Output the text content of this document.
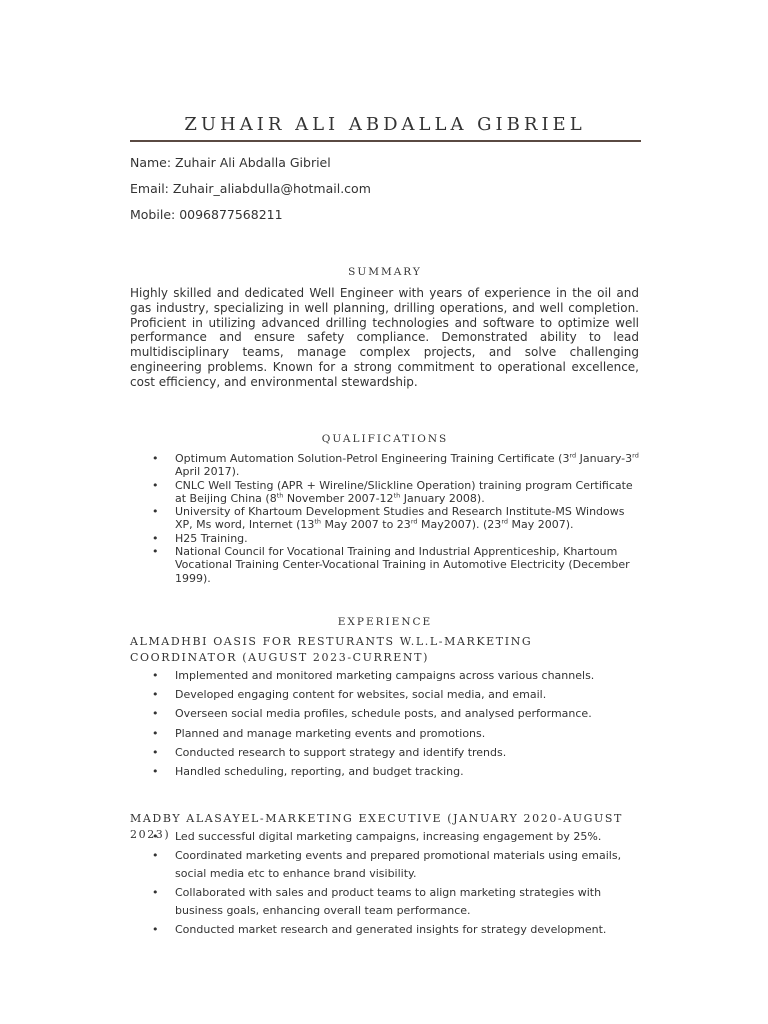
ZUHAIR ALI ABDALLA GIBRIEL
Name: Zuhair Ali Abdalla Gibriel
Email: Zuhair_aliabdulla@hotmail.com
Mobile: 0096877568211
SUMMARY
Highly skilled and dedicated Well Engineer with years of experience in the oil and gas industry, specializing in well planning, drilling operations, and well completion. Proficient in utilizing advanced drilling technologies and software to optimize well performance and ensure safety compliance. Demonstrated ability to lead multidisciplinary teams, manage complex projects, and solve challenging engineering problems. Known for a strong commitment to operational excellence, cost efficiency, and environmental stewardship.
QUALIFICATIONS
• Optimum Automation Solution-Petrol Engineering Training Certificate (3rd January-3rd April 2017).
• CNLC Well Testing (APR + Wireline/Slickline Operation) training program Certificate at Beijing China (8th November 2007-12th January 2008).
• University of Khartoum Development Studies and Research Institute-MS Windows XP, Ms word, Internet (13th May 2007 to 23rd May2007). (23rd May 2007).
• H25 Training.
• National Council for Vocational Training and Industrial Apprenticeship, Khartoum Vocational Training Center-Vocational Training in Automotive Electricity (December 1999).
EXPERIENCE
ALMADHBI OASIS FOR RESTURANTS W.L.L-MARKETING COORDINATOR (AUGUST 2023-CURRENT)
• Implemented and monitored marketing campaigns across various channels.
• Developed engaging content for websites, social media, and email.
• Overseen social media profiles, schedule posts, and analysed performance.
• Planned and manage marketing events and promotions.
• Conducted research to support strategy and identify trends.
• Handled scheduling, reporting, and budget tracking.
MADBY ALASAYEL-MARKETING EXECUTIVE (JANUARY 2020-AUGUST 2023)
• Led successful digital marketing campaigns, increasing engagement by 25%.
• Coordinated marketing events and prepared promotional materials using emails, social media etc to enhance brand visibility.
• Collaborated with sales and product teams to align marketing strategies with business goals, enhancing overall team performance.
• Conducted market research and generated insights for strategy development.
